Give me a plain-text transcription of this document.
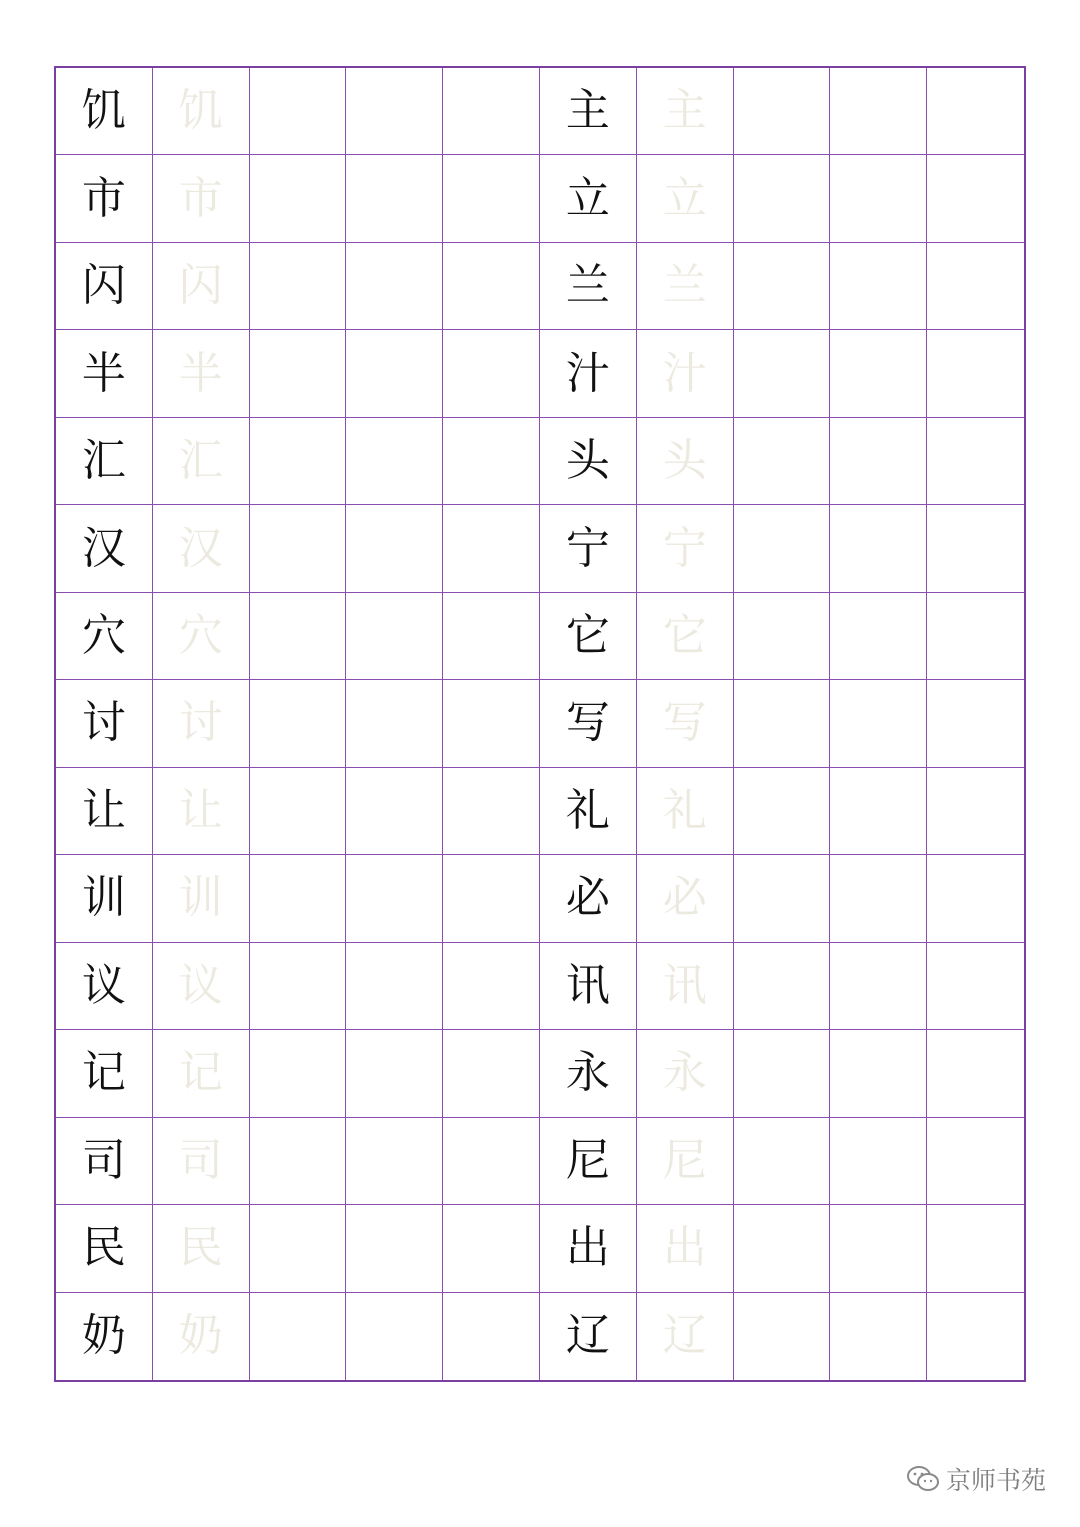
饥	饥	主	主
市	市	立	立
闪	闪	兰	兰
半	半	汁	汁
汇	汇	头	头
汉	汉	宁	宁
穴	穴	它	它
讨	讨	写	写
让	让	礼	礼
训	训	必	必
议	议	讯	讯
记	记	永	永
司	司	尼	尼
民	民	出	出
奶	奶	辽	辽
京师书苑
